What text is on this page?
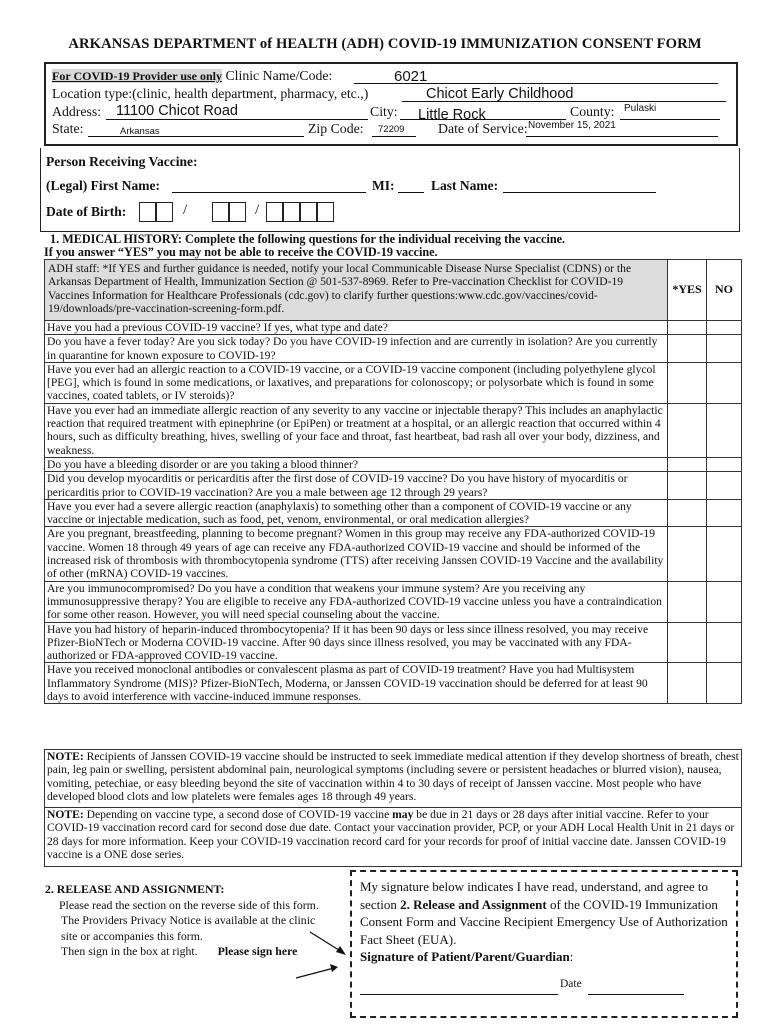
ARKANSAS DEPARTMENT of HEALTH (ADH) COVID-19 IMMUNIZATION CONSENT FORM
For COVID-19 Provider use only Clinic Name/Code:	6021
Location type:(clinic, health department, pharmacy, etc.,)	Chicot Early Childhood
Address: 11100 Chicot Road	City: Little Rock	County: Pulaski
State:	Arkansas	Zip Code: 72209 Date of Service: November 15, 2021
Person Receiving Vaccine:
(Legal) First Name:	MI:	Last Name:
Date of Birth:	/	/
1. MEDICAL HISTORY: Complete the following questions for the individual receiving the vaccine.
If you answer “YES” you may not be able to receive the COVID-19 vaccine.
ADH staff: *If YES and further guidance is needed, notify your local Communicable Disease Nurse Specialist (CDNS) or the Arkansas Department of Health, Immunization Section @ 501-537-8969. Refer to Pre-vaccination Checklist for COVID-19 Vaccines Information for Healthcare Professionals (cdc.gov) to clarify further questions:www.cdc.gov/vaccines/covid-19/downloads/pre-vaccination-screening-form.pdf.	*YES	NO
Have you had a previous COVID-19 vaccine? If yes, what type and date?		
Do you have a fever today? Are you sick today? Do you have COVID-19 infection and are currently in isolation? Are you currently in quarantine for known exposure to COVID-19?		
Have you ever had an allergic reaction to a COVID-19 vaccine, or a COVID-19 vaccine component (including polyethylene glycol [PEG], which is found in some medications, or laxatives, and preparations for colonoscopy; or polysorbate which is found in some vaccines, coated tablets, or IV steroids)?		
Have you ever had an immediate allergic reaction of any severity to any vaccine or injectable therapy? This includes an anaphylactic reaction that required treatment with epinephrine (or EpiPen) or treatment at a hospital, or an allergic reaction that occurred within 4 hours, such as difficulty breathing, hives, swelling of your face and throat, fast heartbeat, bad rash all over your body, dizziness, and weakness.		
Do you have a bleeding disorder or are you taking a blood thinner?		
Did you develop myocarditis or pericarditis after the first dose of COVID-19 vaccine? Do you have history of myocarditis or pericarditis prior to COVID-19 vaccination? Are you a male between age 12 through 29 years?		
Have you ever had a severe allergic reaction (anaphylaxis) to something other than a component of COVID-19 vaccine or any vaccine or injectable medication, such as food, pet, venom, environmental, or oral medication allergies?		
Are you pregnant, breastfeeding, planning to become pregnant? Women in this group may receive any FDA-authorized COVID-19 vaccine. Women 18 through 49 years of age can receive any FDA-authorized COVID-19 vaccine and should be informed of the increased risk of thrombosis with thrombocytopenia syndrome (TTS) after receiving Janssen COVID-19 Vaccine and the availability of other (mRNA) COVID-19 vaccines.		
Are you immunocompromised? Do you have a condition that weakens your immune system? Are you receiving any immunosuppressive therapy? You are eligible to receive any FDA-authorized COVID-19 vaccine unless you have a contraindication for some other reason. However, you will need special counseling about the vaccine.		
Have you had history of heparin-induced thrombocytopenia? If it has been 90 days or less since illness resolved, you may receive Pfizer-BioNTech or Moderna COVID-19 vaccine. After 90 days since illness resolved, you may be vaccinated with any FDA-authorized or FDA-approved COVID-19 vaccine.		
Have you received monoclonal antibodies or convalescent plasma as part of COVID-19 treatment? Have you had Multisystem Inflammatory Syndrome (MIS)? Pfizer-BioNTech, Moderna, or Janssen COVID-19 vaccination should be deferred for at least 90 days to avoid interference with vaccine-induced immune responses.		
NOTE: Recipients of Janssen COVID-19 vaccine should be instructed to seek immediate medical attention if they develop shortness of breath, chest pain, leg pain or swelling, persistent abdominal pain, neurological symptoms (including severe or persistent headaches or blurred vision), nausea, vomiting, petechiae, or easy bleeding beyond the site of vaccination within 4 to 30 days of receipt of Janssen vaccine. Most people who have developed blood clots and low platelets were females ages 18 through 49 years.
NOTE: Depending on vaccine type, a second dose of COVID-19 vaccine may be due in 21 days or 28 days after initial vaccine. Refer to your COVID-19 vaccination record card for second dose due date. Contact your vaccination provider, PCP, or your ADH Local Health Unit in 21 days or 28 days for more information. Keep your COVID-19 vaccination record card for your records for proof of initial vaccine date. Janssen COVID-19 vaccine is a ONE dose series.
2. RELEASE AND ASSIGNMENT:
Please read the section on the reverse side of this form.
The Providers Privacy Notice is available at the clinic
site or accompanies this form.
Then sign in the box at right. Please sign here
My signature below indicates I have read, understand, and agree to section 2. Release and Assignment of the COVID-19 Immunization Consent Form and Vaccine Recipient Emergency Use of Authorization Fact Sheet (EUA).
Signature of Patient/Parent/Guardian:
Date
